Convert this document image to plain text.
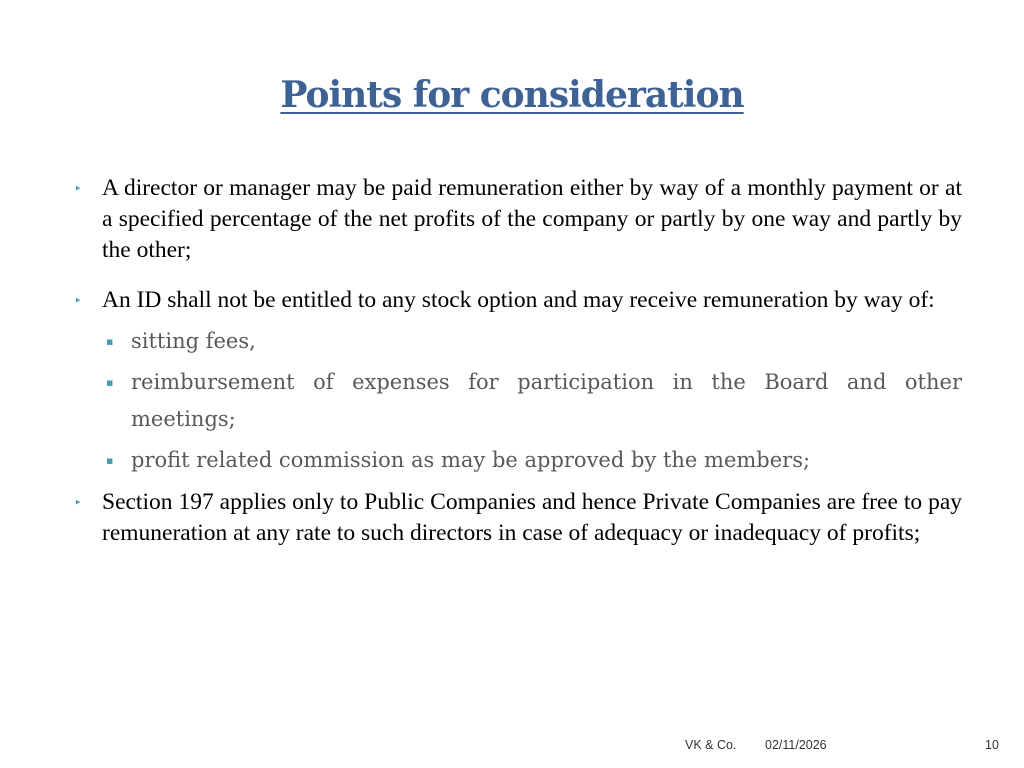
Points for consideration
‣ A director or manager may be paid remuneration either by way of a monthly payment or at a specified percentage of the net profits of the company or partly by one way and partly by the other;
‣ An ID shall not be entitled to any stock option and may receive remuneration by way of:
▪ sitting fees,
▪ reimbursement of expenses for participation in the Board and other meetings;
▪ profit related commission as may be approved by the members;
‣ Section 197 applies only to Public Companies and hence Private Companies are free to pay remuneration at any rate to such directors in case of adequacy or inadequacy of profits;
VK & Co. 02/11/2026	10
